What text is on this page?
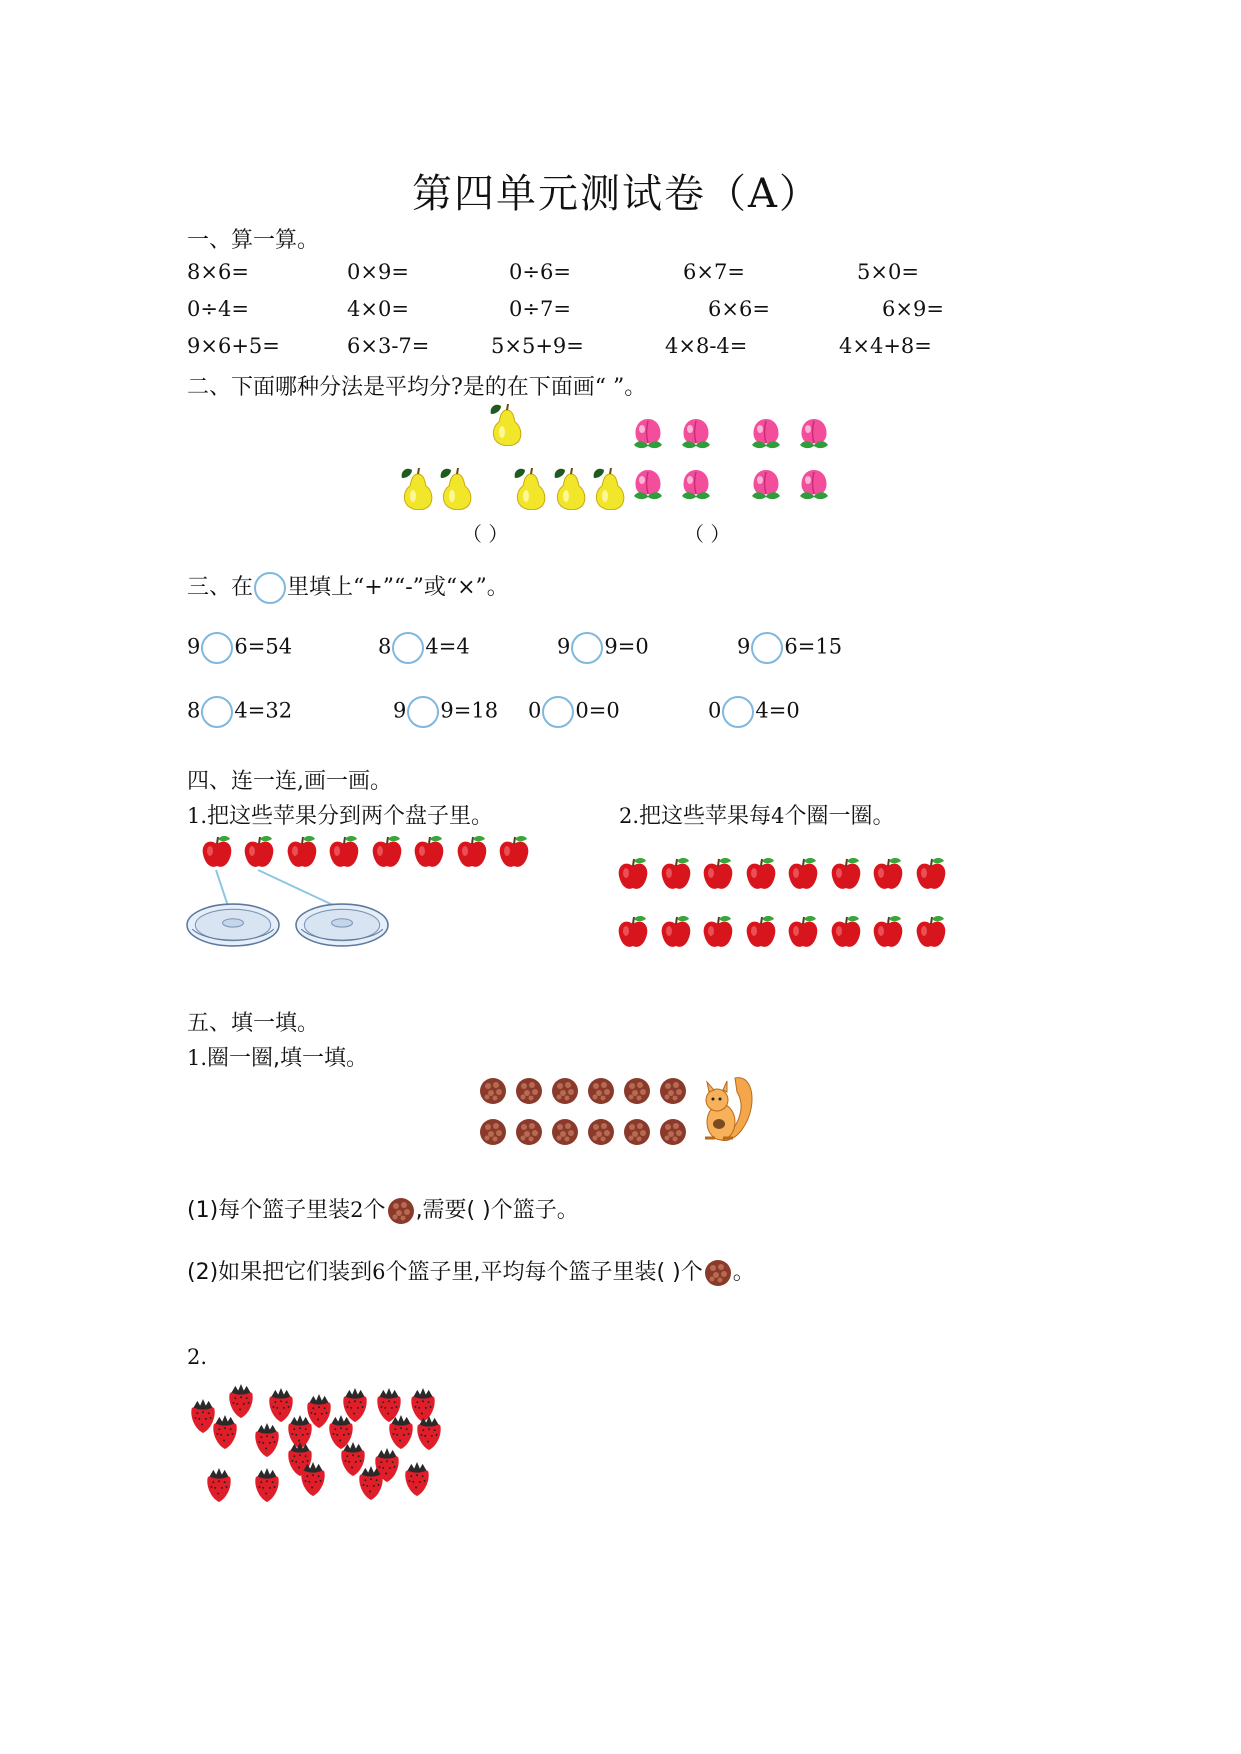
第四单元测试卷（A）
一、算一算。
8×6=	0×9=	0÷6=	6×7=	5×0=
0÷4=	4×0=	0÷7=	6×6=	6×9=
9×6+5=	6×3-7=	5×5+9=	4×8-4=	4×4+8=
二、下面哪种分法是平均分?是的在下面画“ ”。
（ ）	（ ）
三、在 里填上“+”“-”或“×”。
9 6=54	8 4=4	9 9=0	9 6=15
8 4=32	9 9=18 0 0=0	0 4=0
四、连一连,画一画。
1.把这些苹果分到两个盘子里。	2.把这些苹果每4个圈一圈。
五、填一填。
1.圈一圈,填一填。
(1)每个篮子里装2个 ,需要( )个篮子。
(2)如果把它们装到6个篮子里,平均每个篮子里装( )个 。
2.
